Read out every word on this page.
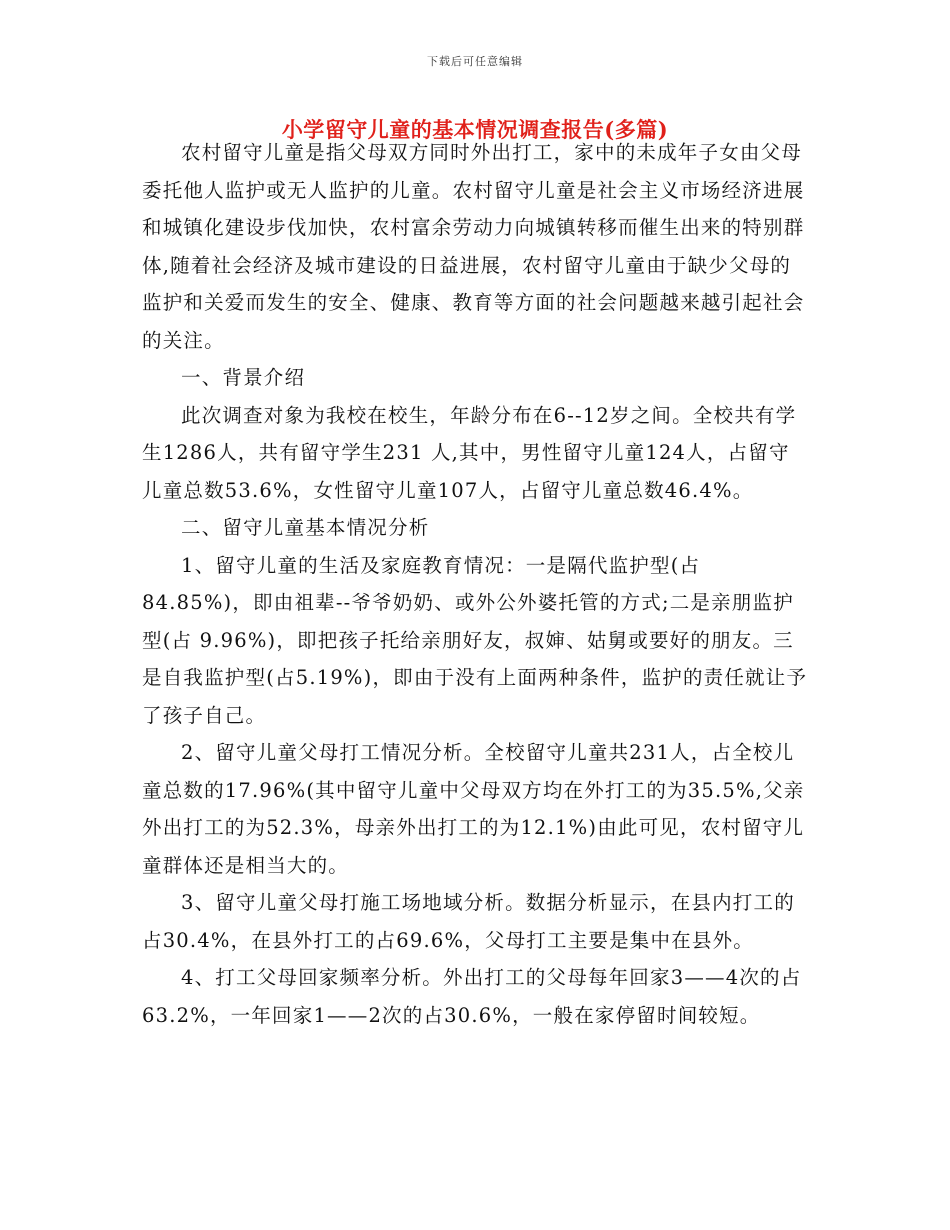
下载后可任意编辑
小学留守儿童的基本情况调查报告(多篇)

农村留守儿童是指父母双方同时外出打工，家中的未成年子女由父母委托他人监护或无人监护的儿童。农村留守儿童是社会主义市场经济进展和城镇化建设步伐加快，农村富余劳动力向城镇转移而催生出来的特别群体,随着社会经济及城市建设的日益进展，农村留守儿童由于缺少父母的监护和关爱而发生的安全、健康、教育等方面的社会问题越来越引起社会的关注。

一、背景介绍

此次调查对象为我校在校生，年龄分布在6--12岁之间。全校共有学生1286人，共有留守学生231 人,其中，男性留守儿童124人，占留守儿童总数53.6%，女性留守儿童107人，占留守儿童总数46.4%。

二、留守儿童基本情况分析

1、留守儿童的生活及家庭教育情况：一是隔代监护型(占84.85%)，即由祖辈--爷爷奶奶、或外公外婆托管的方式;二是亲朋监护型(占 9.96%)，即把孩子托给亲朋好友，叔婶、姑舅或要好的朋友。三是自我监护型(占5.19%)，即由于没有上面两种条件，监护的责任就让予了孩子自己。

2、留守儿童父母打工情况分析。全校留守儿童共231人，占全校儿童总数的17.96%(其中留守儿童中父母双方均在外打工的为35.5%,父亲外出打工的为52.3%，母亲外出打工的为12.1%)由此可见，农村留守儿童群体还是相当大的。

3、留守儿童父母打施工场地域分析。数据分析显示，在县内打工的占30.4%，在县外打工的占69.6%，父母打工主要是集中在县外。

4、打工父母回家频率分析。外出打工的父母每年回家3——4次的占63.2%，一年回家1——2次的占30.6%，一般在家停留时间较短。
